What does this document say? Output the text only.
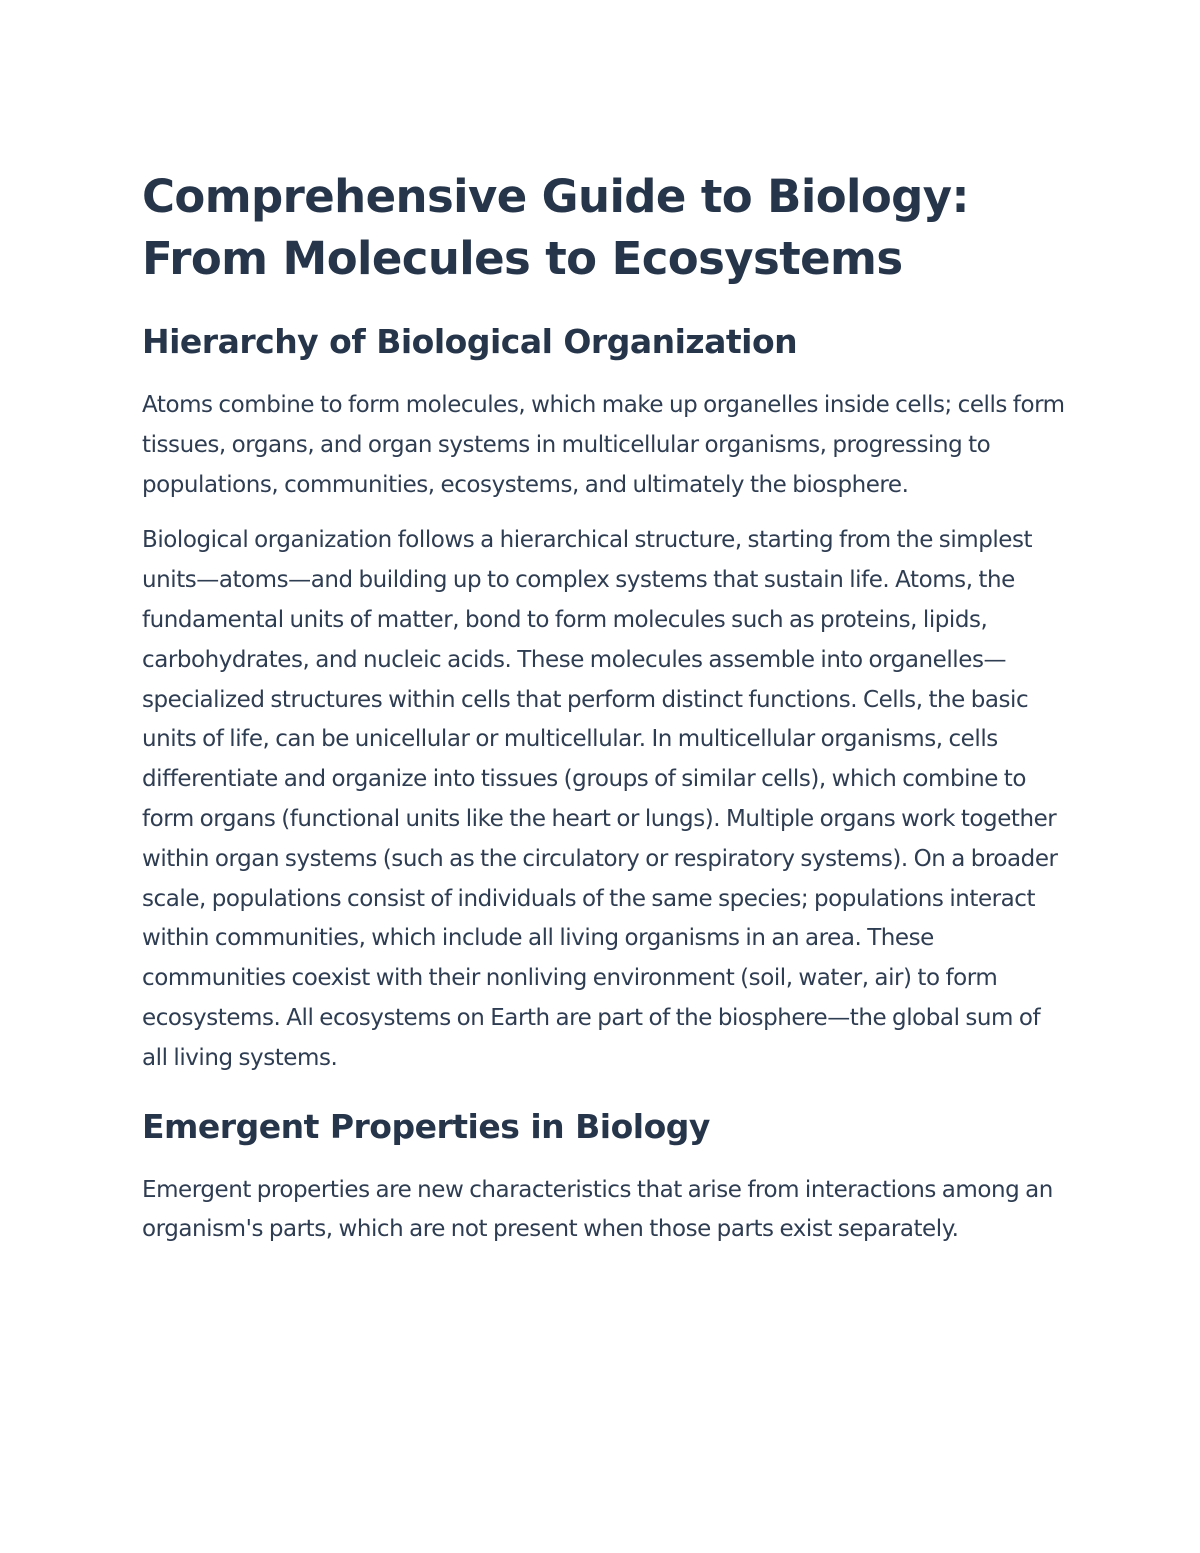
Comprehensive Guide to Biology: From Molecules to Ecosystems
Hierarchy of Biological Organization

Atoms combine to form molecules, which make up organelles inside cells; cells form tissues, organs, and organ systems in multicellular organisms, progressing to populations, communities, ecosystems, and ultimately the biosphere.

Biological organization follows a hierarchical structure, starting from the simplest units—atoms—and building up to complex systems that sustain life. Atoms, the fundamental units of matter, bond to form molecules such as proteins, lipids, carbohydrates, and nucleic acids. These molecules assemble into organelles—specialized structures within cells that perform distinct functions. Cells, the basic units of life, can be unicellular or multicellular. In multicellular organisms, cells differentiate and organize into tissues (groups of similar cells), which combine to form organs (functional units like the heart or lungs). Multiple organs work together within organ systems (such as the circulatory or respiratory systems). On a broader scale, populations consist of individuals of the same species; populations interact within communities, which include all living organisms in an area. These communities coexist with their nonliving environment (soil, water, air) to form ecosystems. All ecosystems on Earth are part of the biosphere—the global sum of all living systems.

Emergent Properties in Biology

Emergent properties are new characteristics that arise from interactions among an organism's parts, which are not present when those parts exist separately.
